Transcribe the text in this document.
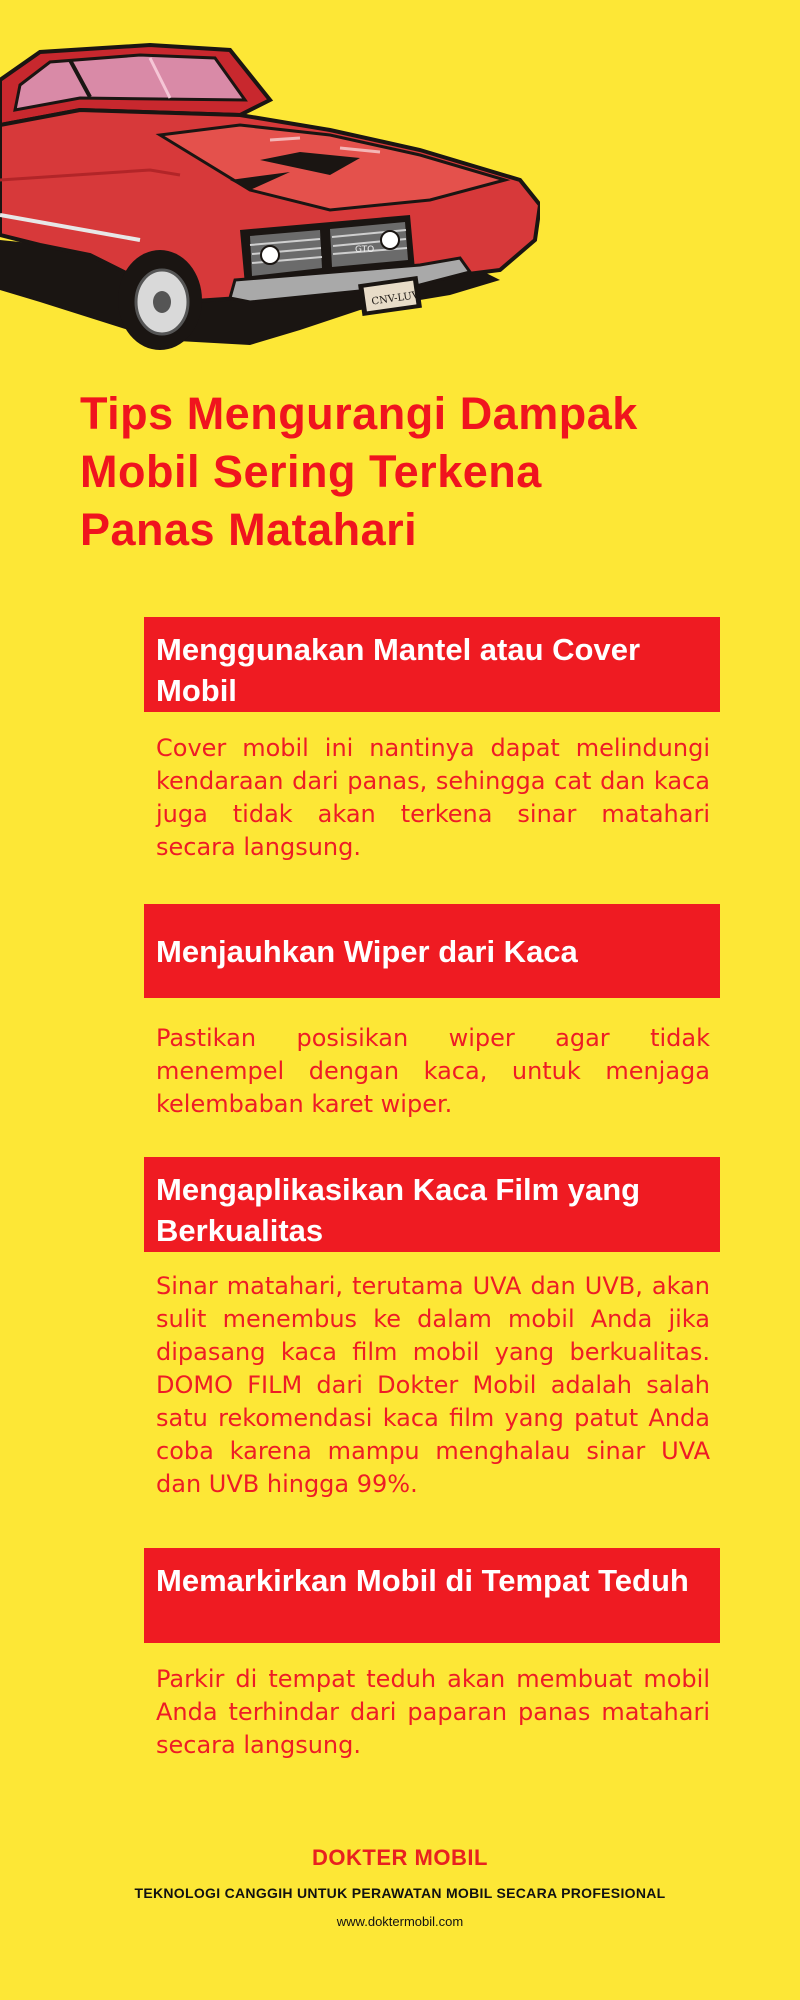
CNV-LUV
GTO
Tips Mengurangi Dampak
Mobil Sering Terkena
Panas Matahari
Menggunakan Mantel atau Cover Mobil
Cover mobil ini nantinya dapat melindungi kendaraan dari panas, sehingga cat dan kaca juga tidak akan terkena sinar matahari secara langsung.
Menjauhkan Wiper dari Kaca
Pastikan posisikan wiper agar tidak menempel dengan kaca, untuk menjaga kelembaban karet wiper.
Mengaplikasikan Kaca Film yang Berkualitas
Sinar matahari, terutama UVA dan UVB, akan sulit menembus ke dalam mobil Anda jika dipasang kaca film mobil yang berkualitas. DOMO FILM dari Dokter Mobil adalah salah satu rekomendasi kaca film yang patut Anda coba karena mampu menghalau sinar UVA dan UVB hingga 99%.
Memarkirkan Mobil di Tempat Teduh
Parkir di tempat teduh akan membuat mobil Anda terhindar dari paparan panas matahari secara langsung.
DOKTER MOBIL
TEKNOLOGI CANGGIH UNTUK PERAWATAN MOBIL SECARA PROFESIONAL
www.doktermobil.com
